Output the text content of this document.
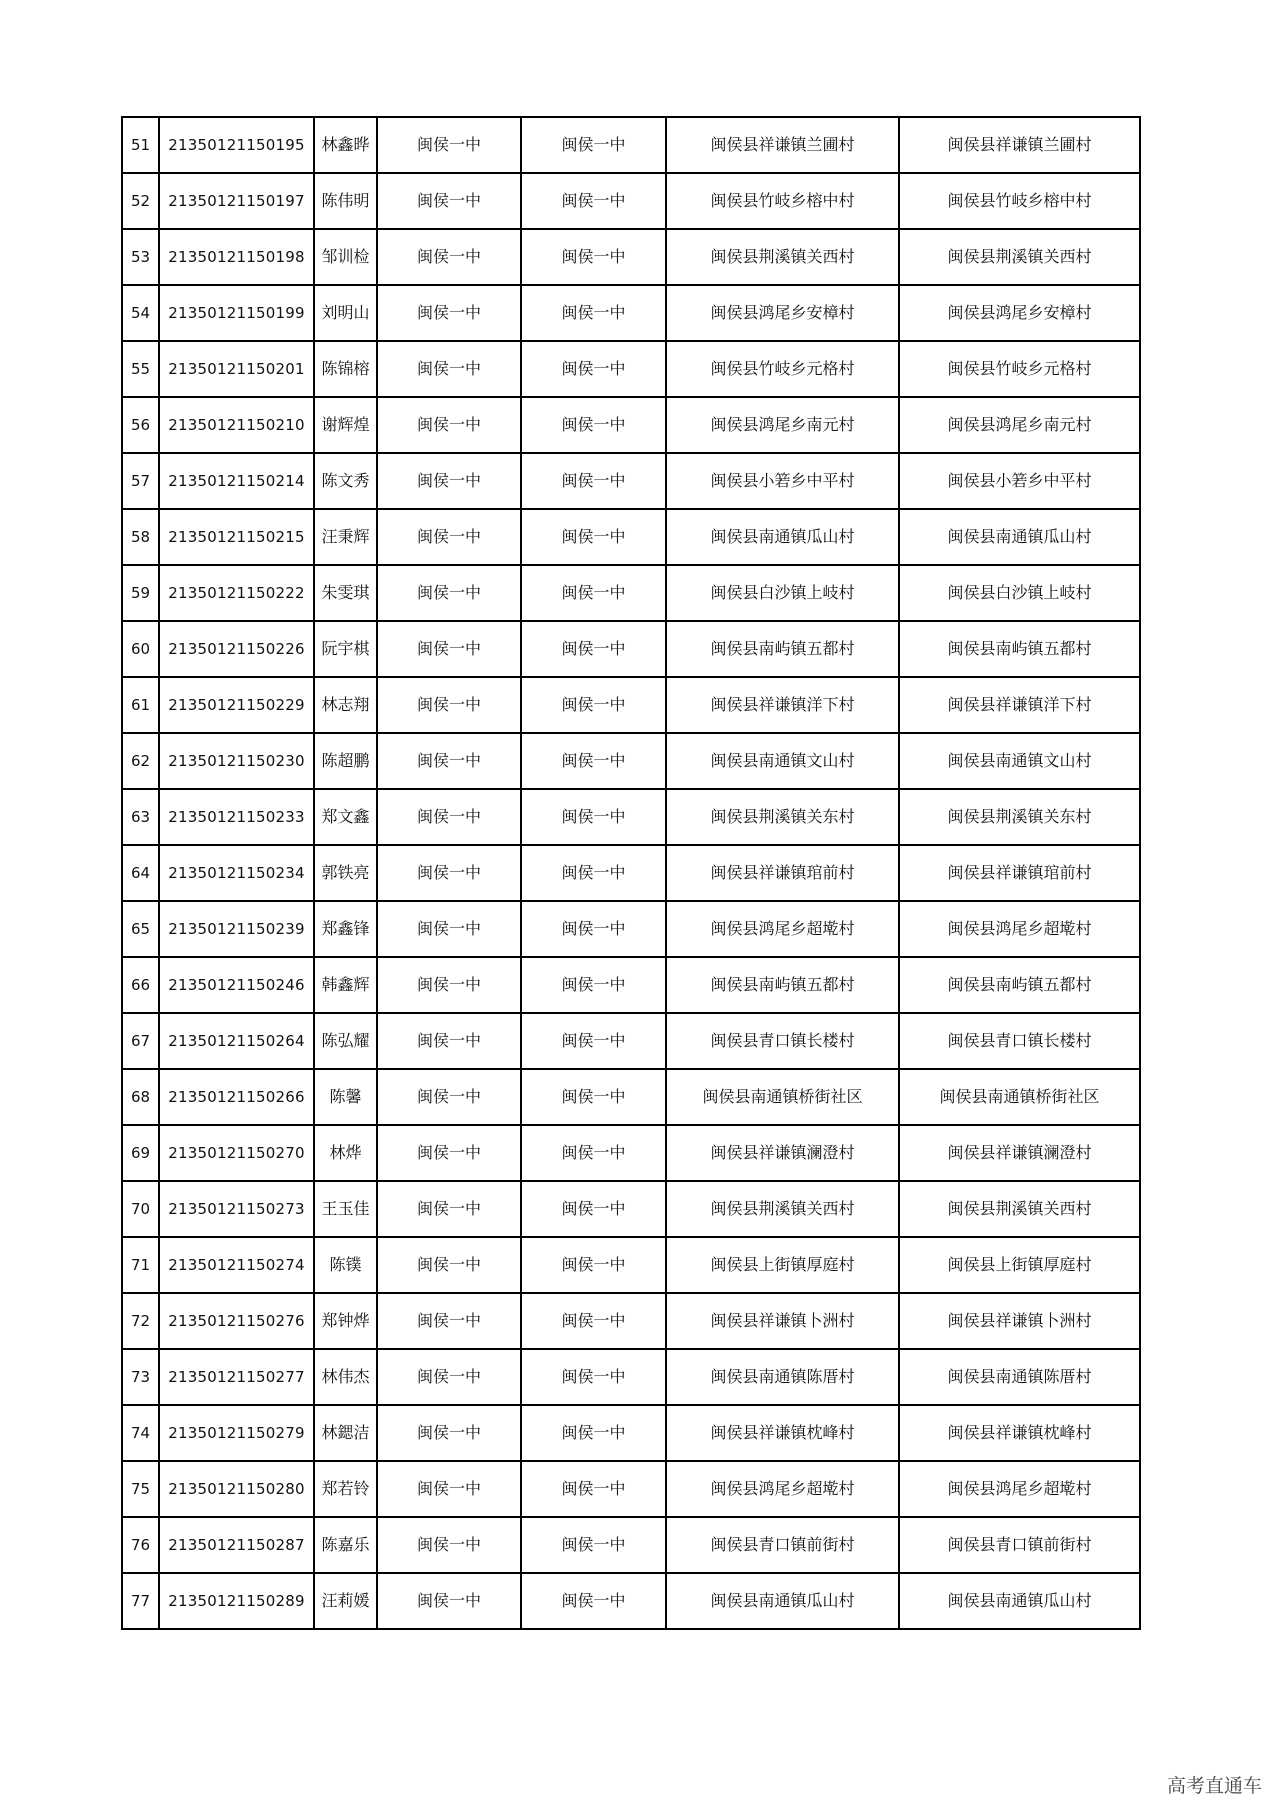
51	21350121150195	林鑫晔	闽侯一中	闽侯一中	闽侯县祥谦镇兰圃村	闽侯县祥谦镇兰圃村
52	21350121150197	陈伟明	闽侯一中	闽侯一中	闽侯县竹岐乡榕中村	闽侯县竹岐乡榕中村
53	21350121150198	邹训检	闽侯一中	闽侯一中	闽侯县荆溪镇关西村	闽侯县荆溪镇关西村
54	21350121150199	刘明山	闽侯一中	闽侯一中	闽侯县鸿尾乡安樟村	闽侯县鸿尾乡安樟村
55	21350121150201	陈锦榕	闽侯一中	闽侯一中	闽侯县竹岐乡元格村	闽侯县竹岐乡元格村
56	21350121150210	谢辉煌	闽侯一中	闽侯一中	闽侯县鸿尾乡南元村	闽侯县鸿尾乡南元村
57	21350121150214	陈文秀	闽侯一中	闽侯一中	闽侯县小箬乡中平村	闽侯县小箬乡中平村
58	21350121150215	汪秉辉	闽侯一中	闽侯一中	闽侯县南通镇瓜山村	闽侯县南通镇瓜山村
59	21350121150222	朱雯琪	闽侯一中	闽侯一中	闽侯县白沙镇上岐村	闽侯县白沙镇上岐村
60	21350121150226	阮宇棋	闽侯一中	闽侯一中	闽侯县南屿镇五都村	闽侯县南屿镇五都村
61	21350121150229	林志翔	闽侯一中	闽侯一中	闽侯县祥谦镇洋下村	闽侯县祥谦镇洋下村
62	21350121150230	陈超鹏	闽侯一中	闽侯一中	闽侯县南通镇文山村	闽侯县南通镇文山村
63	21350121150233	郑文鑫	闽侯一中	闽侯一中	闽侯县荆溪镇关东村	闽侯县荆溪镇关东村
64	21350121150234	郭铁亮	闽侯一中	闽侯一中	闽侯县祥谦镇琯前村	闽侯县祥谦镇琯前村
65	21350121150239	郑鑫锋	闽侯一中	闽侯一中	闽侯县鸿尾乡超墘村	闽侯县鸿尾乡超墘村
66	21350121150246	韩鑫辉	闽侯一中	闽侯一中	闽侯县南屿镇五都村	闽侯县南屿镇五都村
67	21350121150264	陈弘耀	闽侯一中	闽侯一中	闽侯县青口镇长楼村	闽侯县青口镇长楼村
68	21350121150266	陈馨	闽侯一中	闽侯一中	闽侯县南通镇桥街社区	闽侯县南通镇桥街社区
69	21350121150270	林烨	闽侯一中	闽侯一中	闽侯县祥谦镇澜澄村	闽侯县祥谦镇澜澄村
70	21350121150273	王玉佳	闽侯一中	闽侯一中	闽侯县荆溪镇关西村	闽侯县荆溪镇关西村
71	21350121150274	陈镤	闽侯一中	闽侯一中	闽侯县上街镇厚庭村	闽侯县上街镇厚庭村
72	21350121150276	郑钟烨	闽侯一中	闽侯一中	闽侯县祥谦镇卜洲村	闽侯县祥谦镇卜洲村
73	21350121150277	林伟杰	闽侯一中	闽侯一中	闽侯县南通镇陈厝村	闽侯县南通镇陈厝村
74	21350121150279	林鍶洁	闽侯一中	闽侯一中	闽侯县祥谦镇枕峰村	闽侯县祥谦镇枕峰村
75	21350121150280	郑若铃	闽侯一中	闽侯一中	闽侯县鸿尾乡超墘村	闽侯县鸿尾乡超墘村
76	21350121150287	陈嘉乐	闽侯一中	闽侯一中	闽侯县青口镇前街村	闽侯县青口镇前街村
77	21350121150289	汪莉媛	闽侯一中	闽侯一中	闽侯县南通镇瓜山村	闽侯县南通镇瓜山村
高考直通车
